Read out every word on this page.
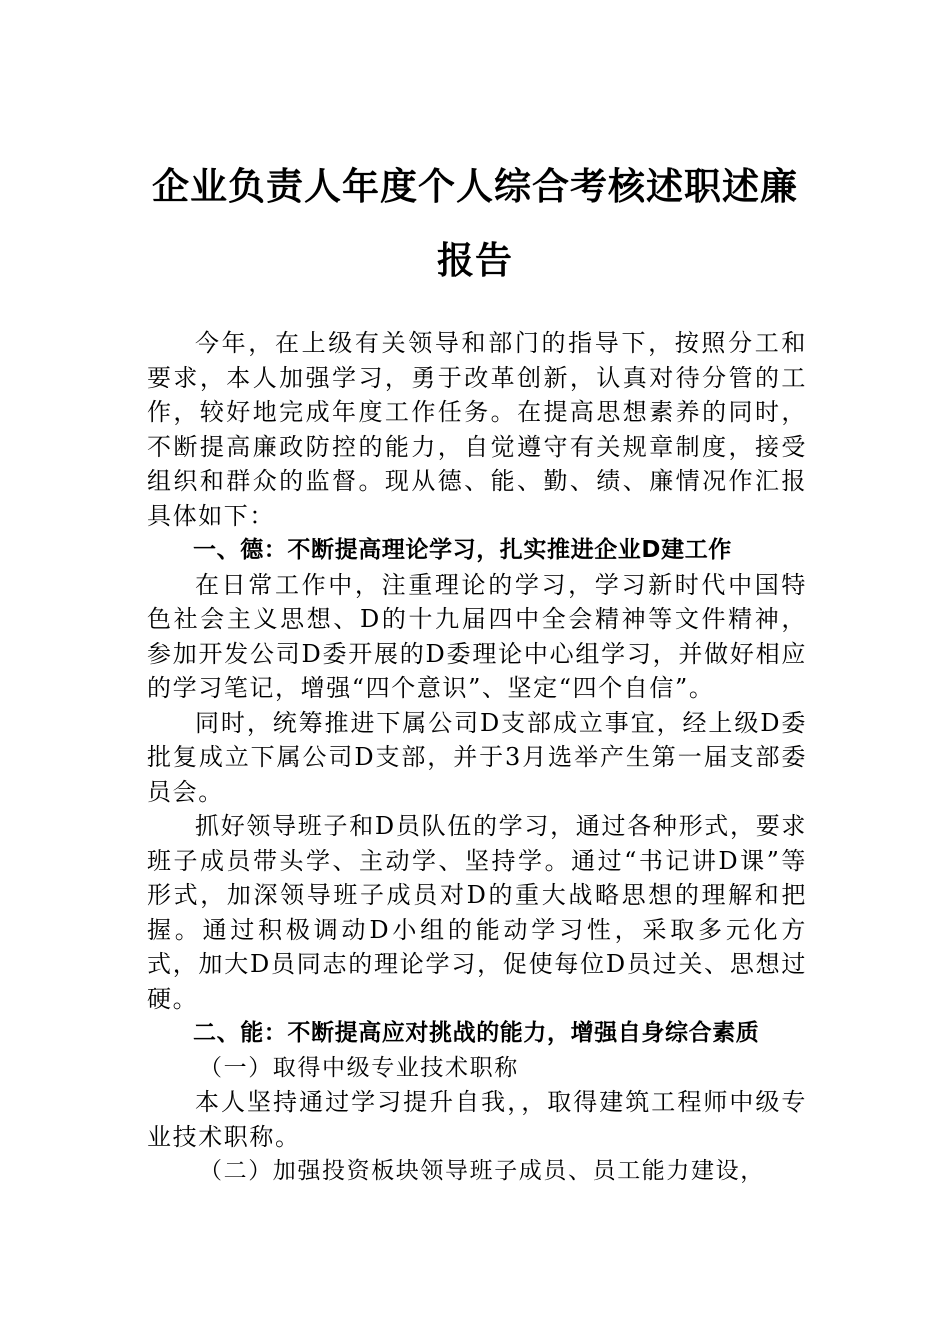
企业负责人年度个人综合考核述职述廉报告

今年，在上级有关领导和部门的指导下，按照分工和要求，本人加强学习，勇于改革创新，认真对待分管的工作，较好地完成年度工作任务。在提高思想素养的同时，不断提高廉政防控的能力，自觉遵守有关规章制度，接受组织和群众的监督。现从德、能、勤、绩、廉情况作汇报具体如下：

一、德：不断提高理论学习，扎实推进企业D建工作

在日常工作中，注重理论的学习，学习新时代中国特色社会主义思想、D的十九届四中全会精神等文件精神，参加开发公司D委开展的D委理论中心组学习，并做好相应的学习笔记，增强“四个意识”、坚定“四个自信”。

同时，统筹推进下属公司D支部成立事宜，经上级D委批复成立下属公司D支部，并于3月选举产生第一届支部委员会。

抓好领导班子和D员队伍的学习，通过各种形式，要求班子成员带头学、主动学、坚持学。通过“书记讲D课”等形式，加深领导班子成员对D的重大战略思想的理解和把握。通过积极调动D小组的能动学习性，采取多元化方式，加大D员同志的理论学习，促使每位D员过关、思想过硬。

二、能：不断提高应对挑战的能力，增强自身综合素质

（一）取得中级专业技术职称

本人坚持通过学习提升自我，，取得建筑工程师中级专业技术职称。

（二）加强投资板块领导班子成员、员工能力建设，
